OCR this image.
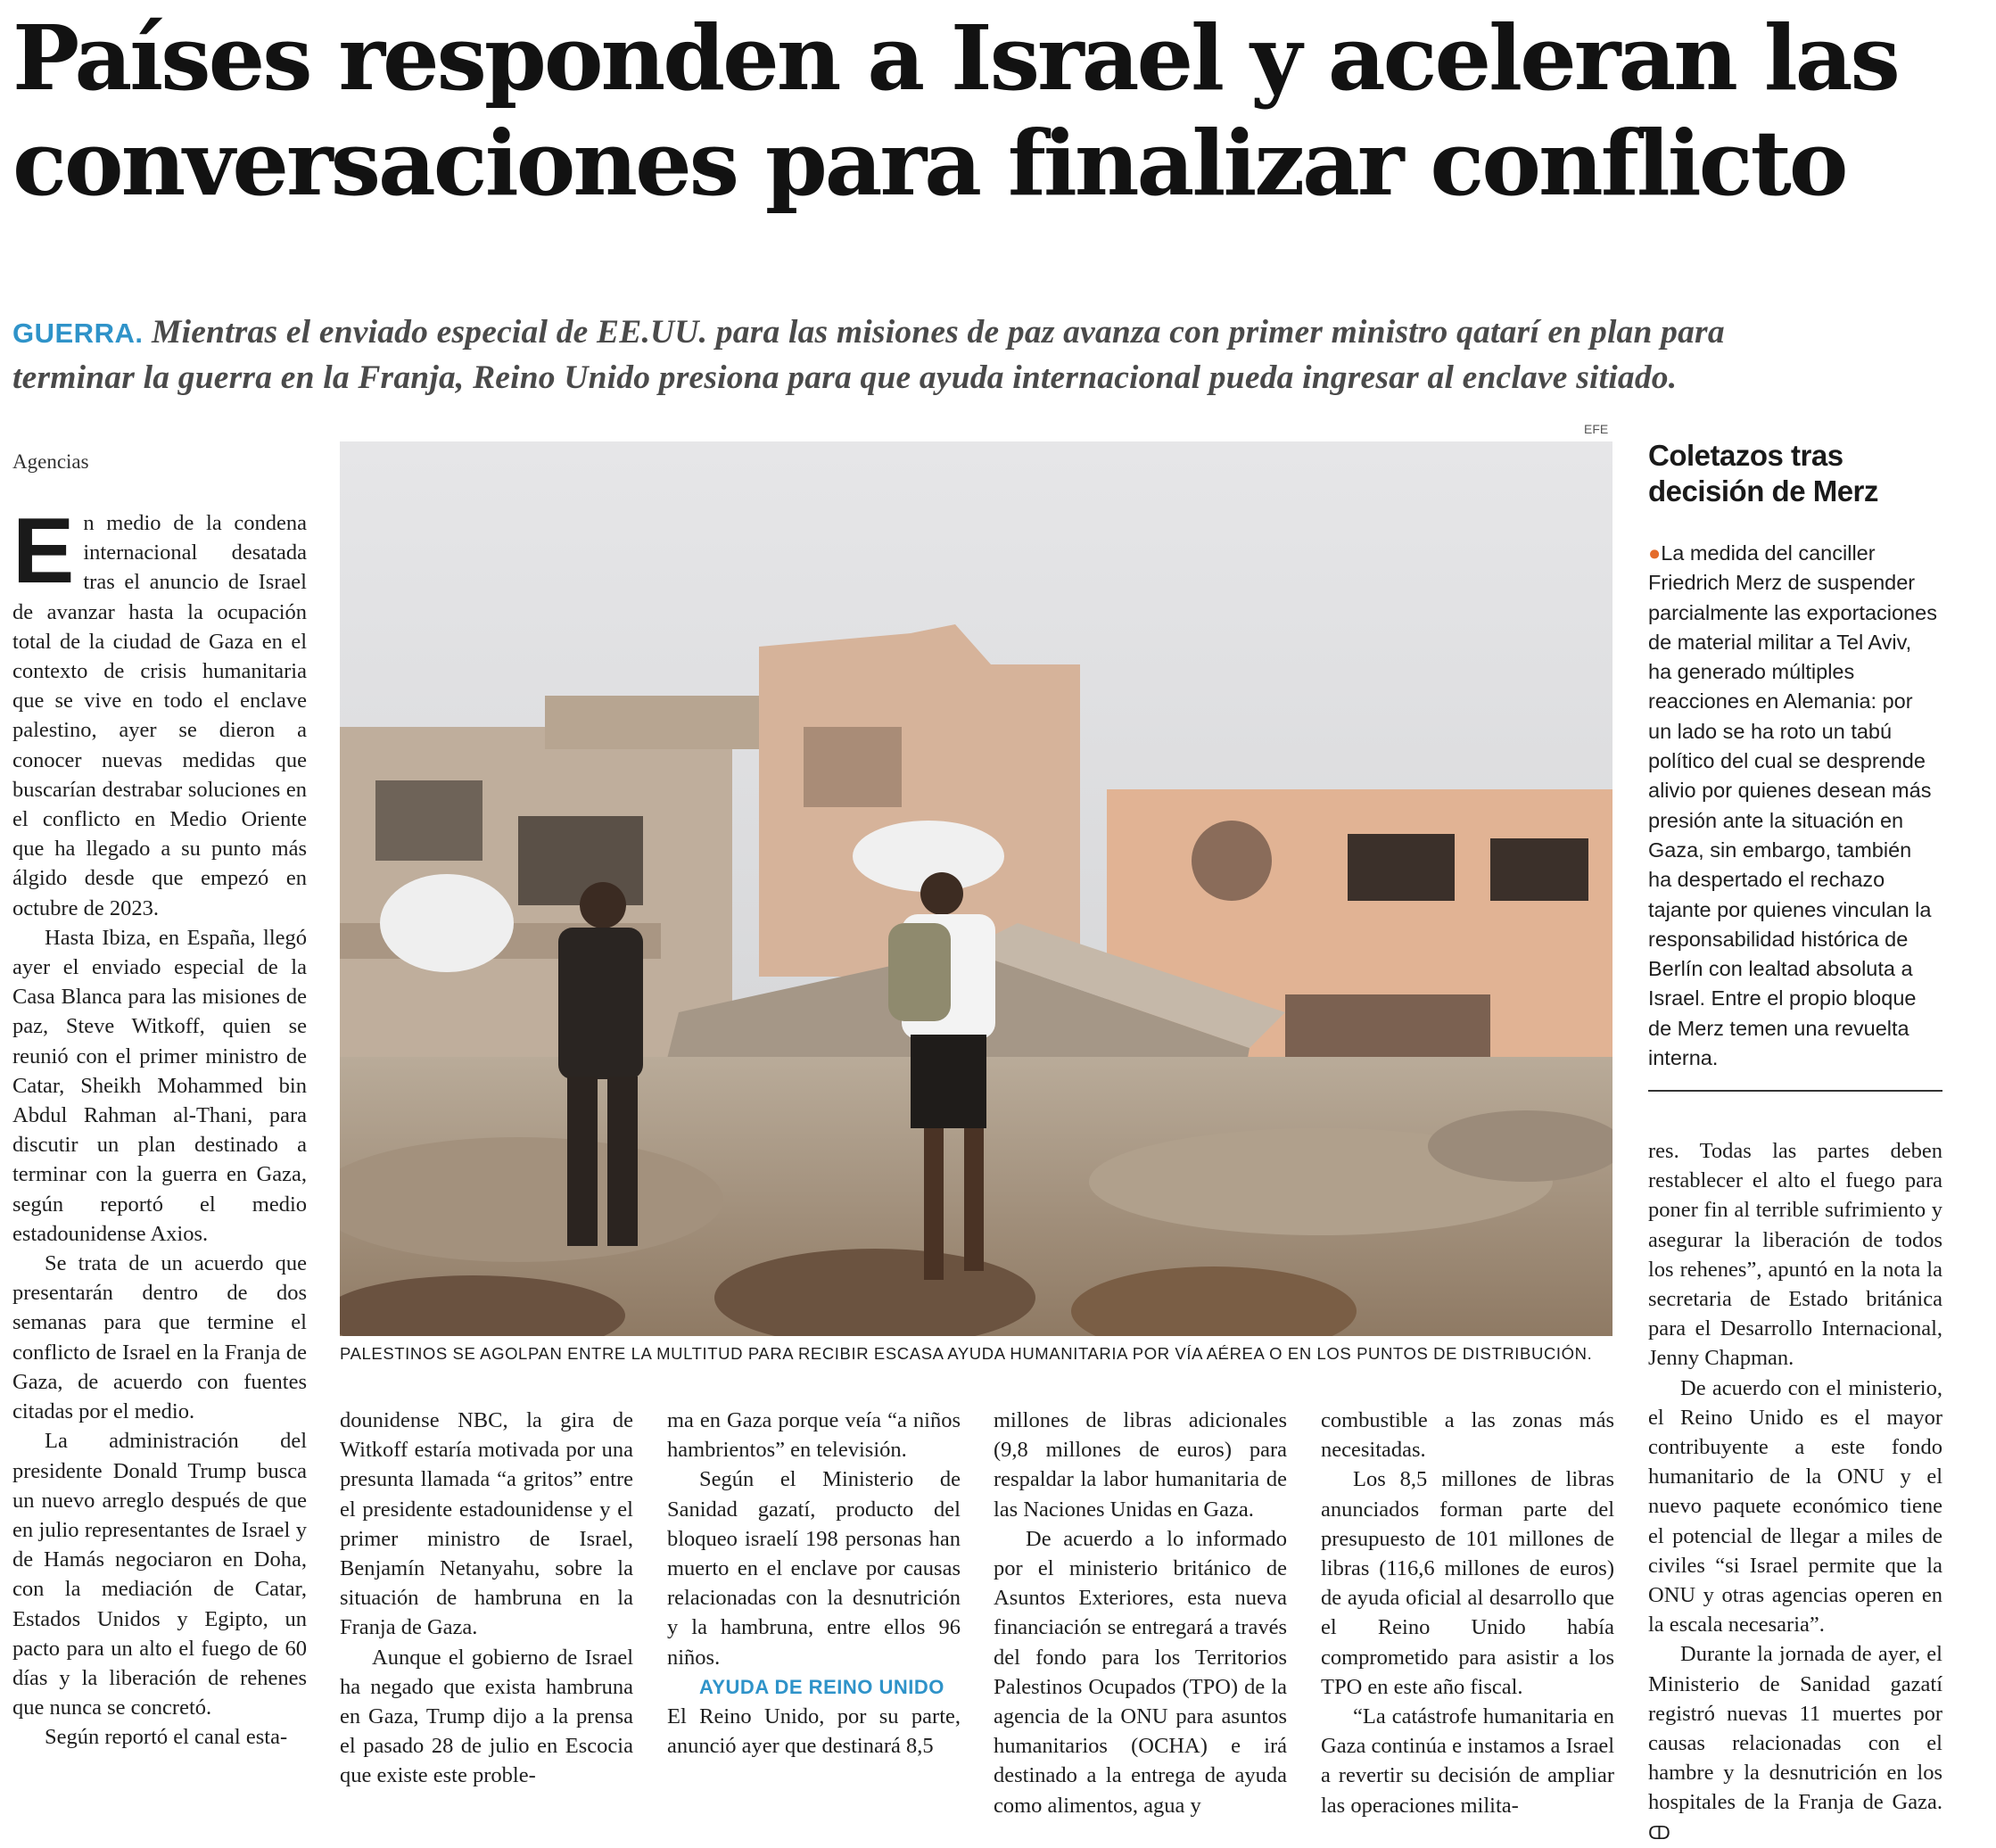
Países responden a Israel y aceleran las
conversaciones para finalizar conflicto
GUERRA. Mientras el enviado especial de EE.UU. para las misiones de paz avanza con primer ministro qatarí en plan para
terminar la guerra en la Franja, Reino Unido presiona para que ayuda internacional pueda ingresar al enclave sitiado.
Agencias

En medio de la condena internacional desatada tras el anuncio de Israel de avanzar hasta la ocupación total de la ciudad de Gaza en el contexto de crisis humanitaria que se vive en todo el enclave palestino, ayer se dieron a conocer nuevas medidas que buscarían destrabar soluciones en el conflicto en Medio Oriente que ha llegado a su punto más álgido desde que empezó en octubre de 2023.

Hasta Ibiza, en España, llegó ayer el enviado especial de la Casa Blanca para las misiones de paz, Steve Witkoff, quien se reunió con el primer ministro de Catar, Sheikh Mohammed bin Abdul Rahman al-Thani, para discutir un plan destinado a terminar con la guerra en Gaza, según reportó el medio estadounidense Axios.

Se trata de un acuerdo que presentarán dentro de dos semanas para que termine el conflicto de Israel en la Franja de Gaza, de acuerdo con fuentes citadas por el medio.

La administración del presidente Donald Trump busca un nuevo arreglo después de que en julio representantes de Israel y de Hamás negociaron en Doha, con la mediación de Catar, Estados Unidos y Egipto, un pacto para un alto el fuego de 60 días y la liberación de rehenes que nunca se concretó.

Según reportó el canal esta-

EFE
PALESTINOS SE AGOLPAN ENTRE LA MULTITUD PARA RECIBIR ESCASA AYUDA HUMANITARIA POR VÍA AÉREA O EN LOS PUNTOS DE DISTRIBUCIÓN.
Coletazos tras decisión de Merz
●La medida del canciller Friedrich Merz de suspender parcialmente las exportaciones de material militar a Tel Aviv, ha generado múltiples reacciones en Alemania: por un lado se ha roto un tabú político del cual se desprende alivio por quienes desean más presión ante la situación en Gaza, sin embargo, también ha despertado el rechazo tajante por quienes vinculan la responsabilidad histórica de Berlín con lealtad absoluta a Israel. Entre el propio bloque de Merz temen una revuelta interna.

dounidense NBC, la gira de Witkoff estaría motivada por una presunta llamada “a gritos” entre el presidente estadounidense y el primer ministro de Israel, Benjamín Netanyahu, sobre la situación de hambruna en la Franja de Gaza.

Aunque el gobierno de Israel ha negado que exista hambruna en Gaza, Trump dijo a la prensa el pasado 28 de julio en Escocia que existe este proble-

ma en Gaza porque veía “a niños hambrientos” en televisión.

Según el Ministerio de Sanidad gazatí, producto del bloqueo israelí 198 personas han muerto en el enclave por causas relacionadas con la desnutrición y la hambruna, entre ellos 96 niños.

AYUDA DE REINO UNIDO

El Reino Unido, por su parte, anunció ayer que destinará 8,5

millones de libras adicionales (9,8 millones de euros) para respaldar la labor humanitaria de las Naciones Unidas en Gaza.

De acuerdo a lo informado por el ministerio británico de Asuntos Exteriores, esta nueva financiación se entregará a través del fondo para los Territorios Palestinos Ocupados (TPO) de la agencia de la ONU para asuntos humanitarios (OCHA) e irá destinado a la entrega de ayuda como alimentos, agua y

combustible a las zonas más necesitadas.

Los 8,5 millones de libras anunciados forman parte del presupuesto de 101 millones de libras (116,6 millones de euros) de ayuda oficial al desarrollo que el Reino Unido había comprometido para asistir a los TPO en este año fiscal.

“La catástrofe humanitaria en Gaza continúa e instamos a Israel a revertir su decisión de ampliar las operaciones milita-

res. Todas las partes deben restablecer el alto el fuego para poner fin al terrible sufrimiento y asegurar la liberación de todos los rehenes”, apuntó en la nota la secretaria de Estado británica para el Desarrollo Internacional, Jenny Chapman.

De acuerdo con el ministerio, el Reino Unido es el mayor contribuyente a este fondo humanitario de la ONU y el nuevo paquete económico tiene el potencial de llegar a miles de civiles “si Israel permite que la ONU y otras agencias operen en la escala necesaria”.

Durante la jornada de ayer, el Ministerio de Sanidad gazatí registró nuevas 11 muertes por causas relacionadas con el hambre y la desnutrición en los hospitales de la Franja de Gaza. ↀ
